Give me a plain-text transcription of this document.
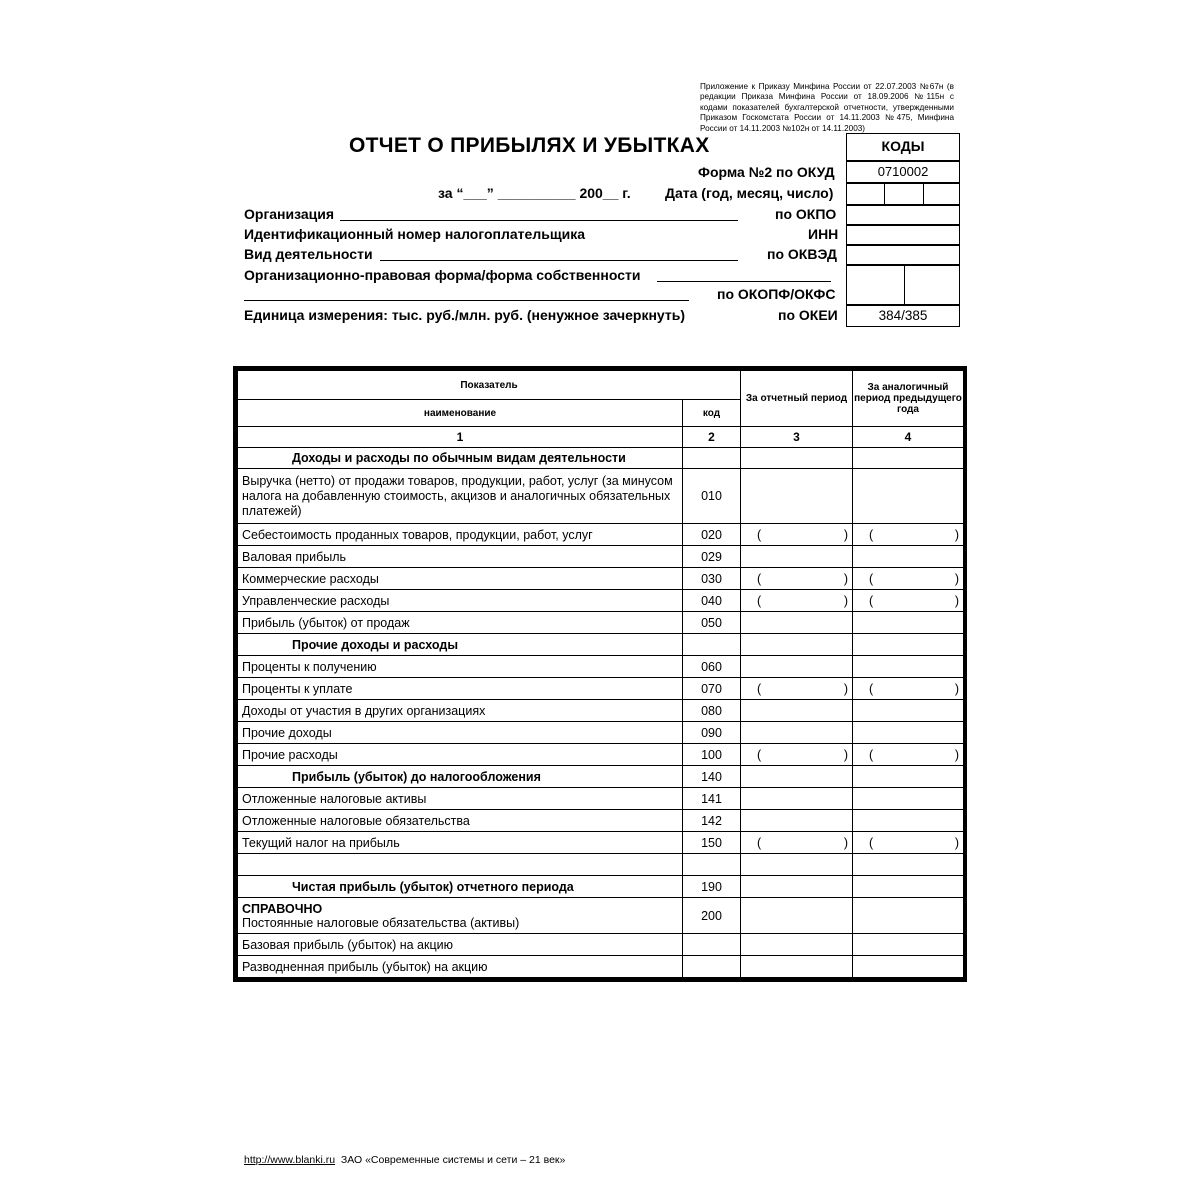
Приложение к Приказу Минфина России от 22.07.2003 №67н (в редакции Приказа Минфина России от 18.09.2006 №115н с кодами показателей бухгалтерской отчетности, утвержденными Приказом Госкомстата России от 14.11.2003 №475, Минфина России от 14.11.2003 №102н от 14.11.2003)
ОТЧЕТ О ПРИБЫЛЯХ И УБЫТКАХ
Форма №2 по ОКУД
за “___” __________ 200__ г. Дата (год, месяц, число)
Организация	по ОКПО
Идентификационный номер налогоплательщика	ИНН
Вид деятельности	по ОКВЭД
Организационно-правовая форма/форма собственности
по ОКОПФ/ОКФС
Единица измерения: тыс. руб./млн. руб. (ненужное зачеркнуть)	по ОКЕИ
КОДЫ
0710002
384/385
Показатель		За отчетный период	За аналогичный период предыдущего года
наименование	код		
1	2	3	4
Доходы и расходы по обычным видам деятельности			
Выручка (нетто) от продажи товаров, продукции, работ, услуг (за минусом налога на добавленную стоимость, акцизов и аналогичных обязательных платежей)	010		
Себестоимость проданных товаров, продукции, работ, услуг	020	( )	( )

Валовая прибыль	029		
Коммерческие расходы	030	( )	( )

Управленческие расходы	040	( )	( )

Прибыль (убыток) от продаж	050		
Прочие доходы и расходы			
Проценты к получению	060		
Проценты к уплате	070	( )	( )

Доходы от участия в других организациях	080		
Прочие доходы	090		
Прочие расходы	100	( )	( )

Прибыль (убыток) до налогообложения	140		
Отложенные налоговые активы	141		
Отложенные налоговые обязательства	142		
Текущий налог на прибыль	150	( )	( )

Чистая прибыль (убыток) отчетного периода	190		

СПРАВОЧНО
Постоянные налоговые обязательства (активы)	200		
Базовая прибыль (убыток) на акцию			
Разводненная прибыль (убыток) на акцию			
http://www.blanki.ru ЗАО «Современные системы и сети – 21 век»
